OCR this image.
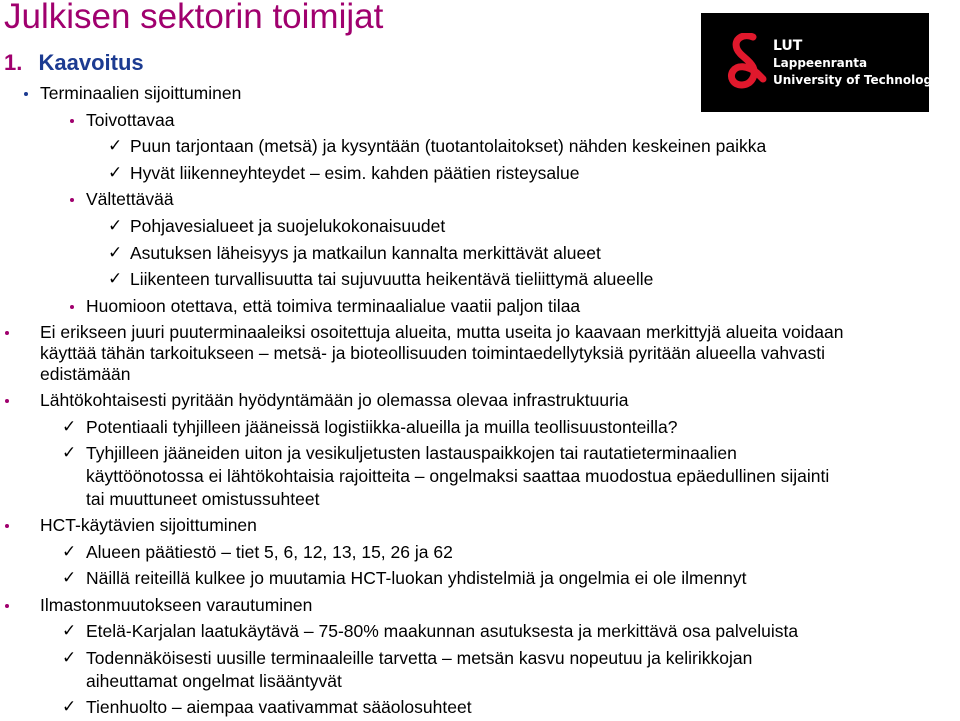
Julkisen sektorin toimijat
LUT
Lappeenranta
University of Technology
1. Kaavoitus
Terminaalien sijoittuminen
Toivottavaa
✓ Puun tarjontaan (metsä) ja kysyntään (tuotantolaitokset) nähden keskeinen paikka
✓ Hyvät liikenneyhteydet – esim. kahden päätien risteysalue
Vältettävää
✓ Pohjavesialueet ja suojelukokonaisuudet
✓ Asutuksen läheisyys ja matkailun kannalta merkittävät alueet
✓ Liikenteen turvallisuutta tai sujuvuutta heikentävä tieliittymä alueelle
Huomioon otettava, että toimiva terminaalialue vaatii paljon tilaa
Ei erikseen juuri puuterminaaleiksi osoitettuja alueita, mutta useita jo kaavaan merkittyjä alueita voidaan
käyttää tähän tarkoitukseen – metsä- ja bioteollisuuden toimintaedellytyksiä pyritään alueella vahvasti
edistämään
Lähtökohtaisesti pyritään hyödyntämään jo olemassa olevaa infrastruktuuria
✓ Potentiaali tyhjilleen jääneissä logistiikka-alueilla ja muilla teollisuustonteilla?
✓ Tyhjilleen jääneiden uiton ja vesikuljetusten lastauspaikkojen tai rautatieterminaalien
käyttöönotossa ei lähtökohtaisia rajoitteita – ongelmaksi saattaa muodostua epäedullinen sijainti
tai muuttuneet omistussuhteet
HCT-käytävien sijoittuminen
✓ Alueen päätiestö – tiet 5, 6, 12, 13, 15, 26 ja 62
✓ Näillä reiteillä kulkee jo muutamia HCT-luokan yhdistelmiä ja ongelmia ei ole ilmennyt
Ilmastonmuutokseen varautuminen
✓ Etelä-Karjalan laatukäytävä – 75-80% maakunnan asutuksesta ja merkittävä osa palveluista
✓ Todennäköisesti uusille terminaaleille tarvetta – metsän kasvu nopeutuu ja kelirikkojan
aiheuttamat ongelmat lisääntyvät
✓ Tienhuolto – aiempaa vaativammat sääolosuhteet
